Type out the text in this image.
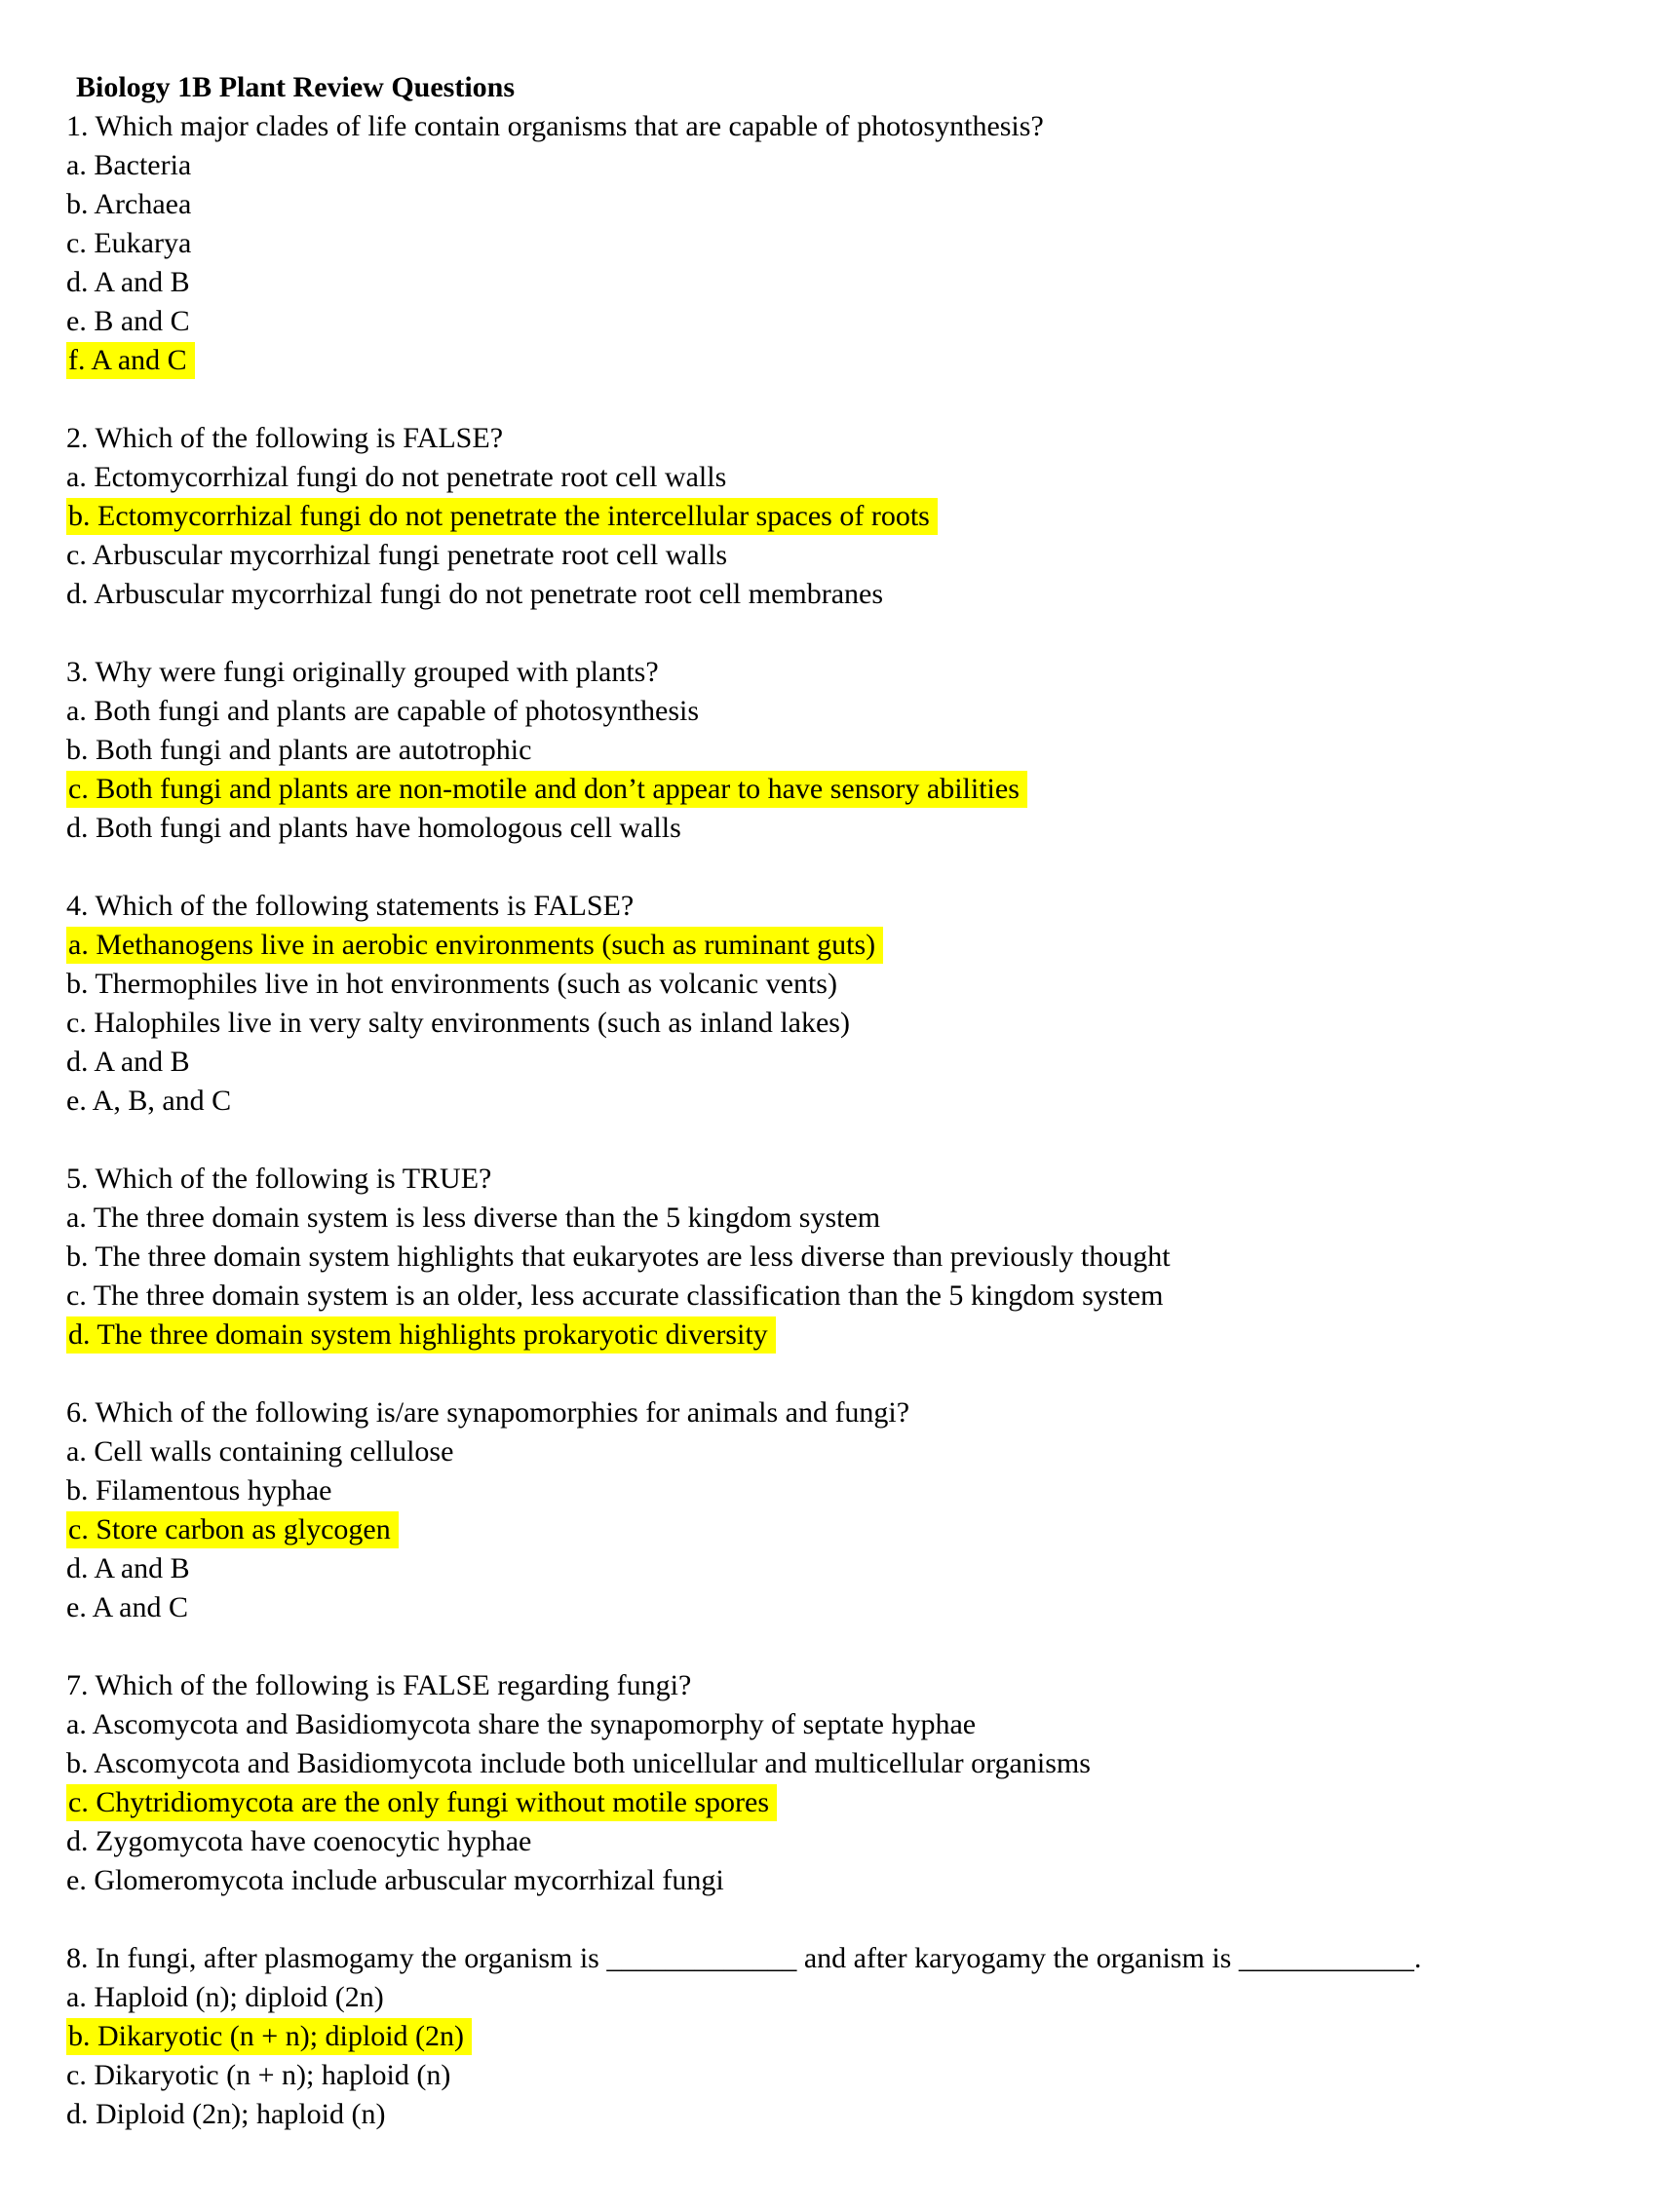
Biology 1B Plant Review Questions
1. Which major clades of life contain organisms that are capable of photosynthesis?
a. Bacteria
b. Archaea
c. Eukarya
d. A and B
e. B and C
f. A and C
2. Which of the following is FALSE?
a. Ectomycorrhizal fungi do not penetrate root cell walls
b. Ectomycorrhizal fungi do not penetrate the intercellular spaces of roots
c. Arbuscular mycorrhizal fungi penetrate root cell walls
d. Arbuscular mycorrhizal fungi do not penetrate root cell membranes
3. Why were fungi originally grouped with plants?
a. Both fungi and plants are capable of photosynthesis
b. Both fungi and plants are autotrophic
c. Both fungi and plants are non-motile and don’t appear to have sensory abilities
d. Both fungi and plants have homologous cell walls
4. Which of the following statements is FALSE?
a. Methanogens live in aerobic environments (such as ruminant guts)
b. Thermophiles live in hot environments (such as volcanic vents)
c. Halophiles live in very salty environments (such as inland lakes)
d. A and B
e. A, B, and C
5. Which of the following is TRUE?
a. The three domain system is less diverse than the 5 kingdom system
b. The three domain system highlights that eukaryotes are less diverse than previously thought
c. The three domain system is an older, less accurate classification than the 5 kingdom system
d. The three domain system highlights prokaryotic diversity
6. Which of the following is/are synapomorphies for animals and fungi?
a. Cell walls containing cellulose
b. Filamentous hyphae
c. Store carbon as glycogen
d. A and B
e. A and C
7. Which of the following is FALSE regarding fungi?
a. Ascomycota and Basidiomycota share the synapomorphy of septate hyphae
b. Ascomycota and Basidiomycota include both unicellular and multicellular organisms
c. Chytridiomycota are the only fungi without motile spores
d. Zygomycota have coenocytic hyphae
e. Glomeromycota include arbuscular mycorrhizal fungi
8. In fungi, after plasmogamy the organism is _____________ and after karyogamy the organism is ____________.
a. Haploid (n); diploid (2n)
b. Dikaryotic (n + n); diploid (2n)
c. Dikaryotic (n + n); haploid (n)
d. Diploid (2n); haploid (n)
